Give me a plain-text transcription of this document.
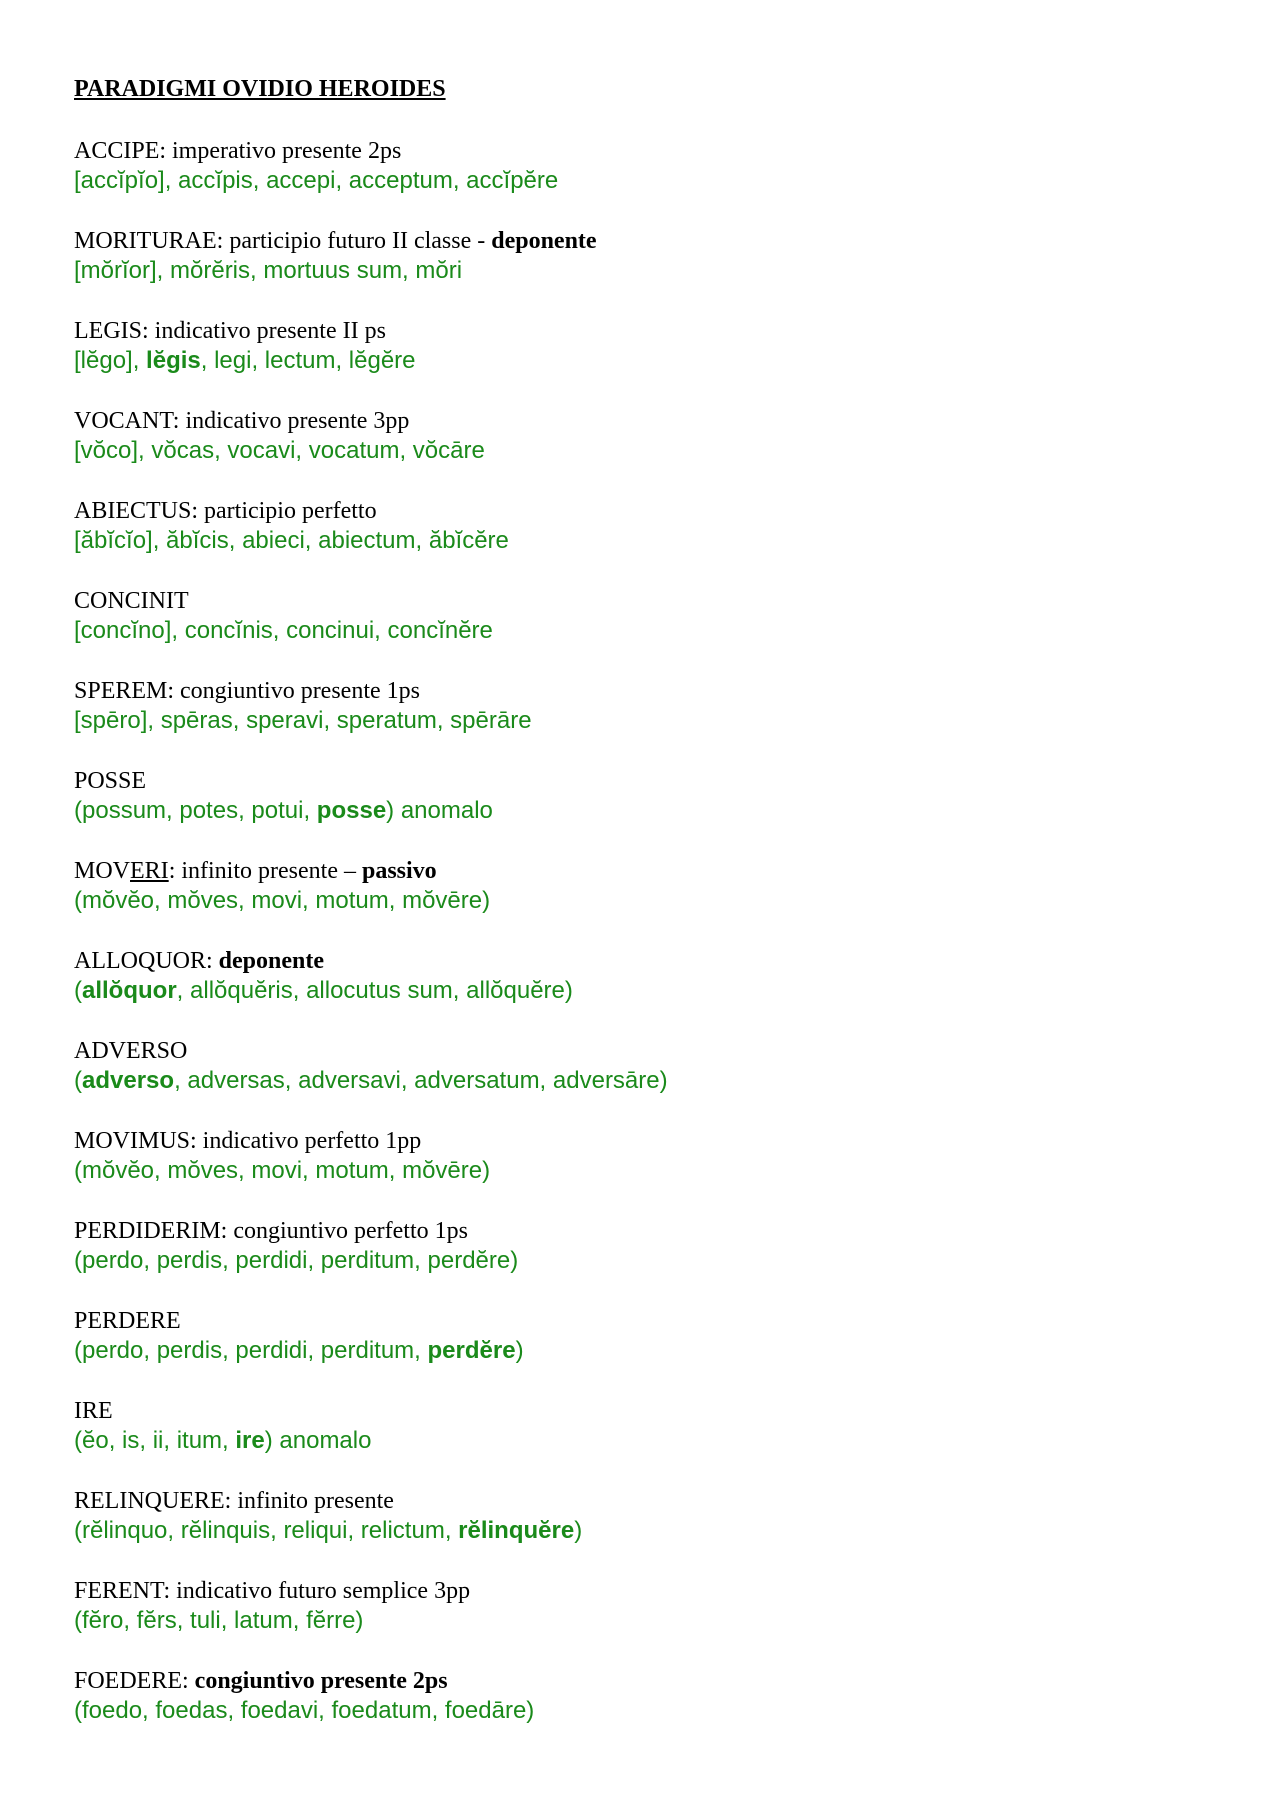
PARADIGMI OVIDIO HEROIDES
ACCIPE: imperativo presente 2ps
[accĭpĭo], accĭpis, accepi, acceptum, accĭpĕre
MORITURAE: participio futuro II classe - deponente
[mŏrĭor], mŏrĕris, mortuus sum, mŏri
LEGIS: indicativo presente II ps
[lĕgo], lĕgis, legi, lectum, lĕgĕre
VOCANT: indicativo presente 3pp
[vŏco], vŏcas, vocavi, vocatum, vŏcāre
ABIECTUS: participio perfetto
[ăbĭcĭo], ăbĭcis, abieci, abiectum, ăbĭcĕre
CONCINIT
[concĭno], concĭnis, concinui, concĭnĕre
SPEREM: congiuntivo presente 1ps
[spēro], spēras, speravi, speratum, spērāre
POSSE
(possum, potes, potui, posse) anomalo
MOVERI: infinito presente – passivo
(mŏvĕo, mŏves, movi, motum, mŏvēre)
ALLOQUOR: deponente
(allŏquor, allŏquĕris, allocutus sum, allŏquĕre)
ADVERSO
(adverso, adversas, adversavi, adversatum, adversāre)
MOVIMUS: indicativo perfetto 1pp
(mŏvĕo, mŏves, movi, motum, mŏvēre)
PERDIDERIM: congiuntivo perfetto 1ps
(perdo, perdis, perdidi, perditum, perdĕre)
PERDERE
(perdo, perdis, perdidi, perditum, perdĕre)
IRE
(ĕo, is, ii, itum, ire) anomalo
RELINQUERE: infinito presente
(rĕlinquo, rĕlinquis, reliqui, relictum, rĕlinquĕre)
FERENT: indicativo futuro semplice 3pp
(fĕro, fĕrs, tuli, latum, fĕrre)
FOEDERE: congiuntivo presente 2ps
(foedo, foedas, foedavi, foedatum, foedāre)
